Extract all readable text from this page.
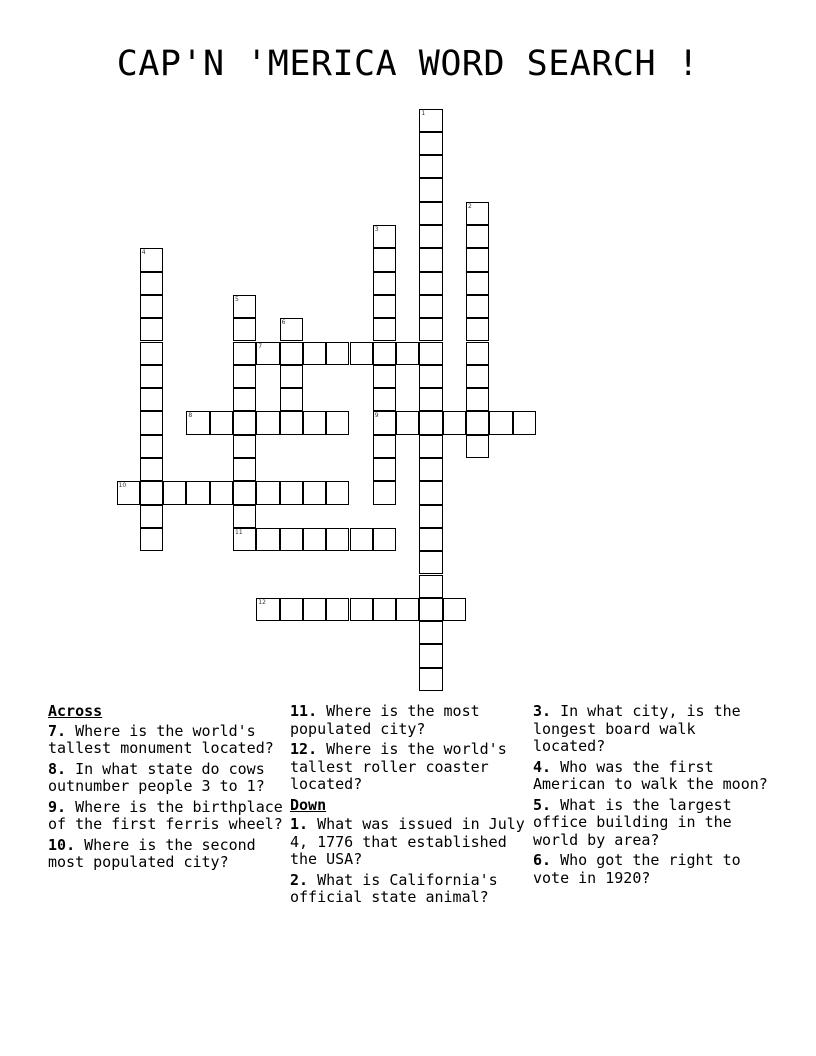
CAP'N 'MERICA WORD SEARCH !
1
2
3
9
4
5
11
6
7
8
10
12
Across
7. Where is the world's tallest monument located?
8. In what state do cows outnumber people 3 to 1?
9. Where is the birthplace of the first ferris wheel?
10. Where is the second most populated city?
11. Where is the most populated city?
12. Where is the world's tallest roller coaster located?
Down
1. What was issued in July 4, 1776 that established the USA?
2. What is California's official state animal?
3. In what city, is the longest board walk located?
4. Who was the first American to walk the moon?
5. What is the largest office building in the world by area?
6. Who got the right to vote in 1920?
